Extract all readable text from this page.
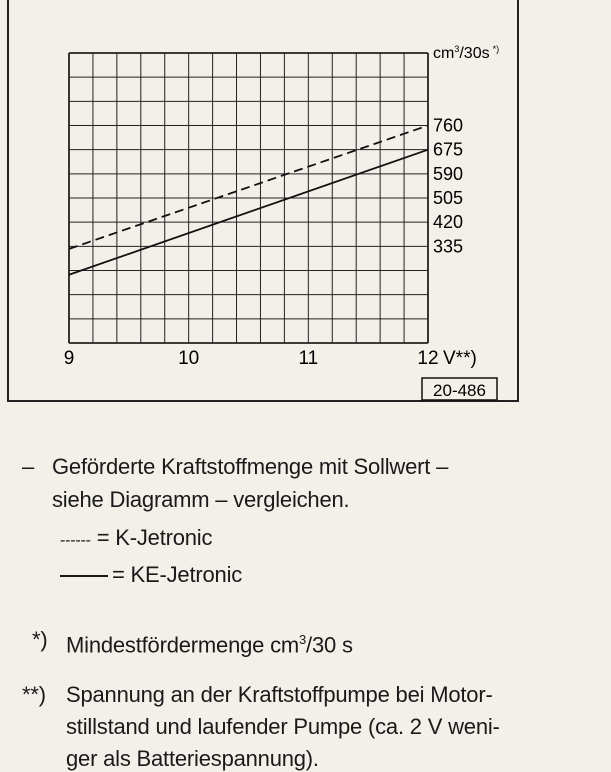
9	10	11	12
760
675
590
505
420
335
$cm^3/30s$ *)
V**)
20-486
– Geförderte Kraftstoffmenge mit Sollwert –
siehe Diagramm – vergleichen.
------ = K-Jetronic
= KE-Jetronic
*) Mindestfördermenge $cm^3/30$ s
**) Spannung an der Kraftstoffpumpe bei Motor-
stillstand und laufender Pumpe (ca. 2 V weni-
ger als Batteriespannung).
